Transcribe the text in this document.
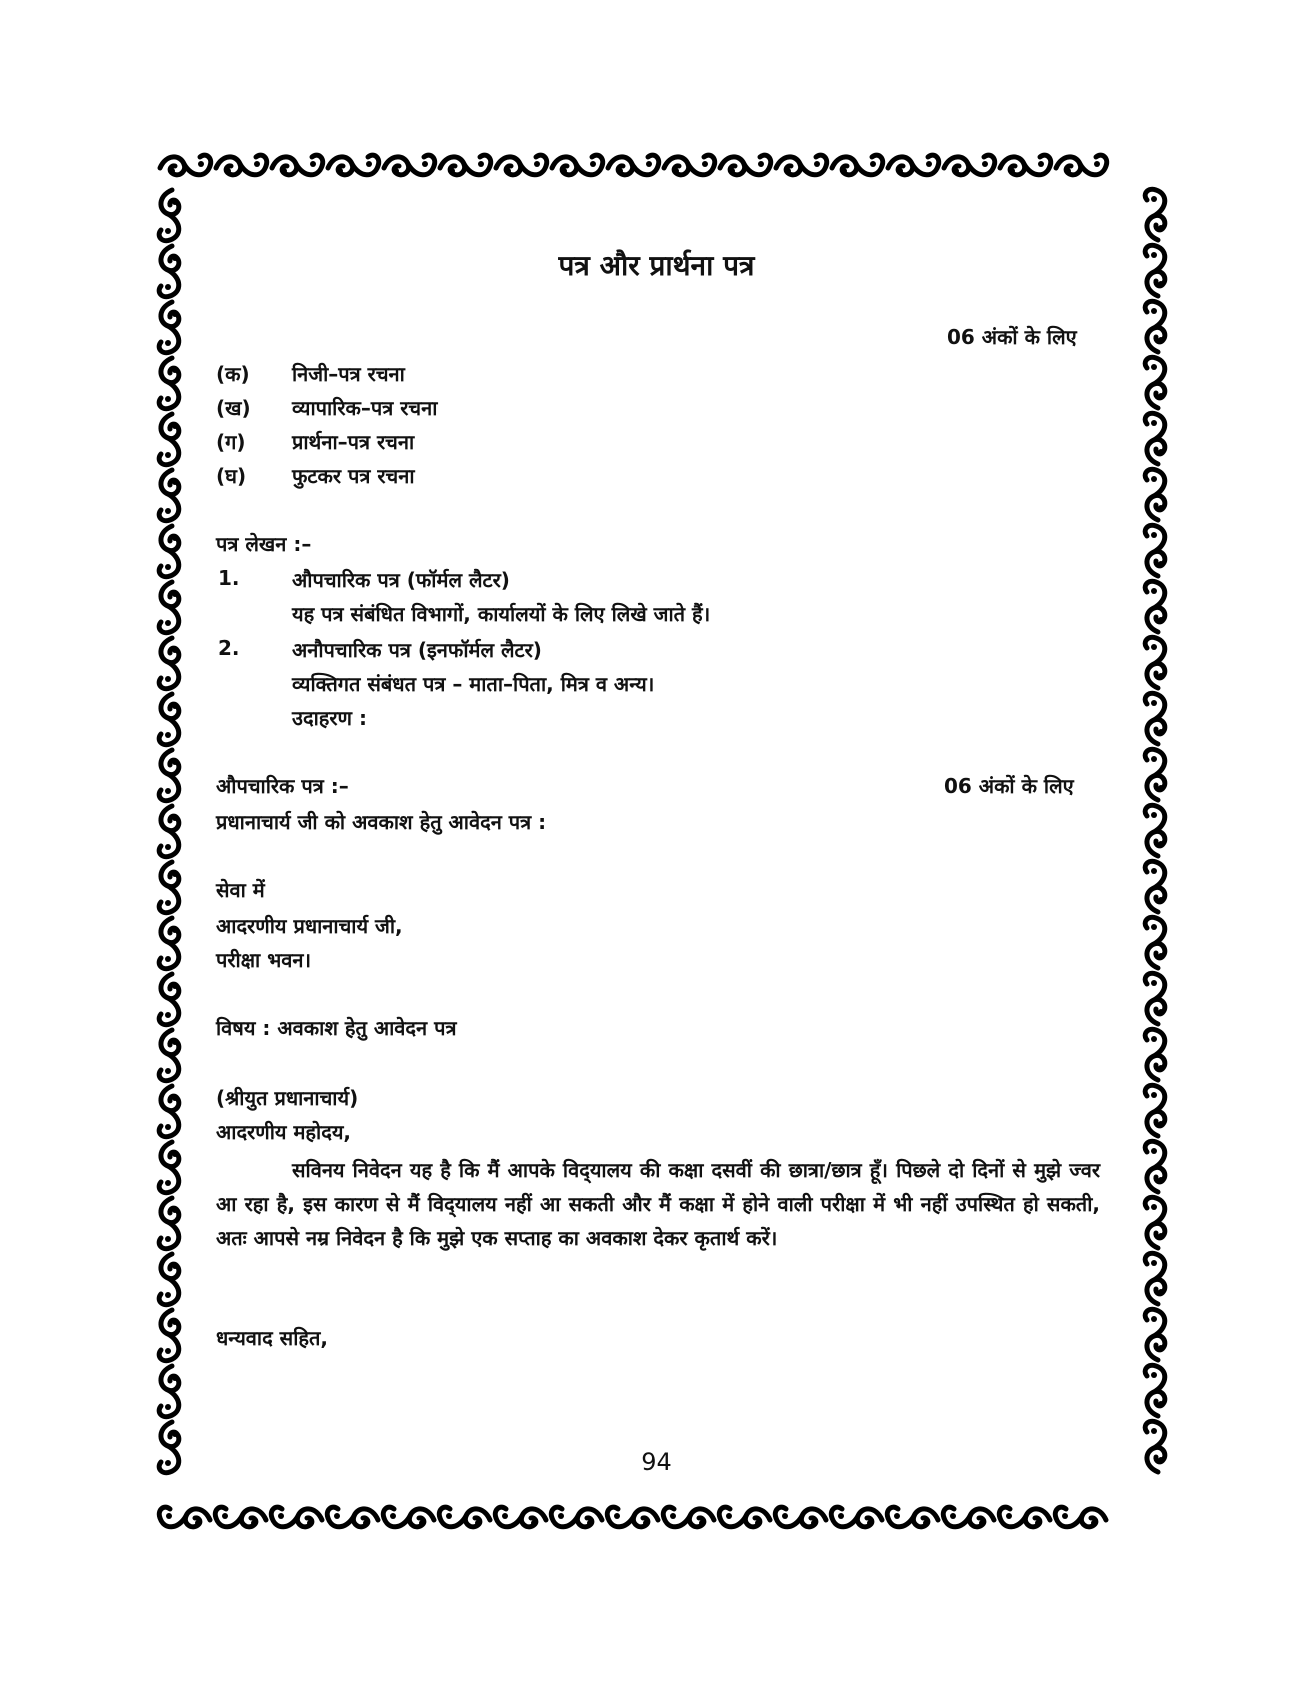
पत्र और प्रार्थना पत्र
06 अंकों के लिए
(क) निजी–पत्र रचना
(ख) व्यापारिक–पत्र रचना
(ग) प्रार्थना–पत्र रचना
(घ) फुटकर पत्र रचना
पत्र लेखन :–
1.	औपचारिक पत्र (फॉर्मल लैटर)
यह पत्र संबंधित विभागों, कार्यालयों के लिए लिखे जाते हैं।
2.	अनौपचारिक पत्र (इनफॉर्मल लैटर)
व्यक्तिगत संबंधत पत्र – माता–पिता, मित्र व अन्य।
उदाहरण :
औपचारिक पत्र :–	06 अंकों के लिए
प्रधानाचार्य जी को अवकाश हेतु आवेदन पत्र :
सेवा में
आदरणीय प्रधानाचार्य जी,
परीक्षा भवन।
विषय : अवकाश हेतु आवेदन पत्र
(श्रीयुत प्रधानाचार्य)
आदरणीय महोदय,
सविनय निवेदन यह है कि मैं आपके विद्‌यालय की कक्षा दसवीं की छात्रा/छात्र हूँ। पिछले दो दिनों से मुझे ज्वर आ रहा है, इस कारण से मैं विद्‌यालय नहीं आ सकती और मैं कक्षा में होने वाली परीक्षा में भी नहीं उपस्थित हो सकती, अतः आपसे नम्र निवेदन है कि मुझे एक सप्ताह का अवकाश देकर कृतार्थ करें।
धन्यवाद सहित,
94
